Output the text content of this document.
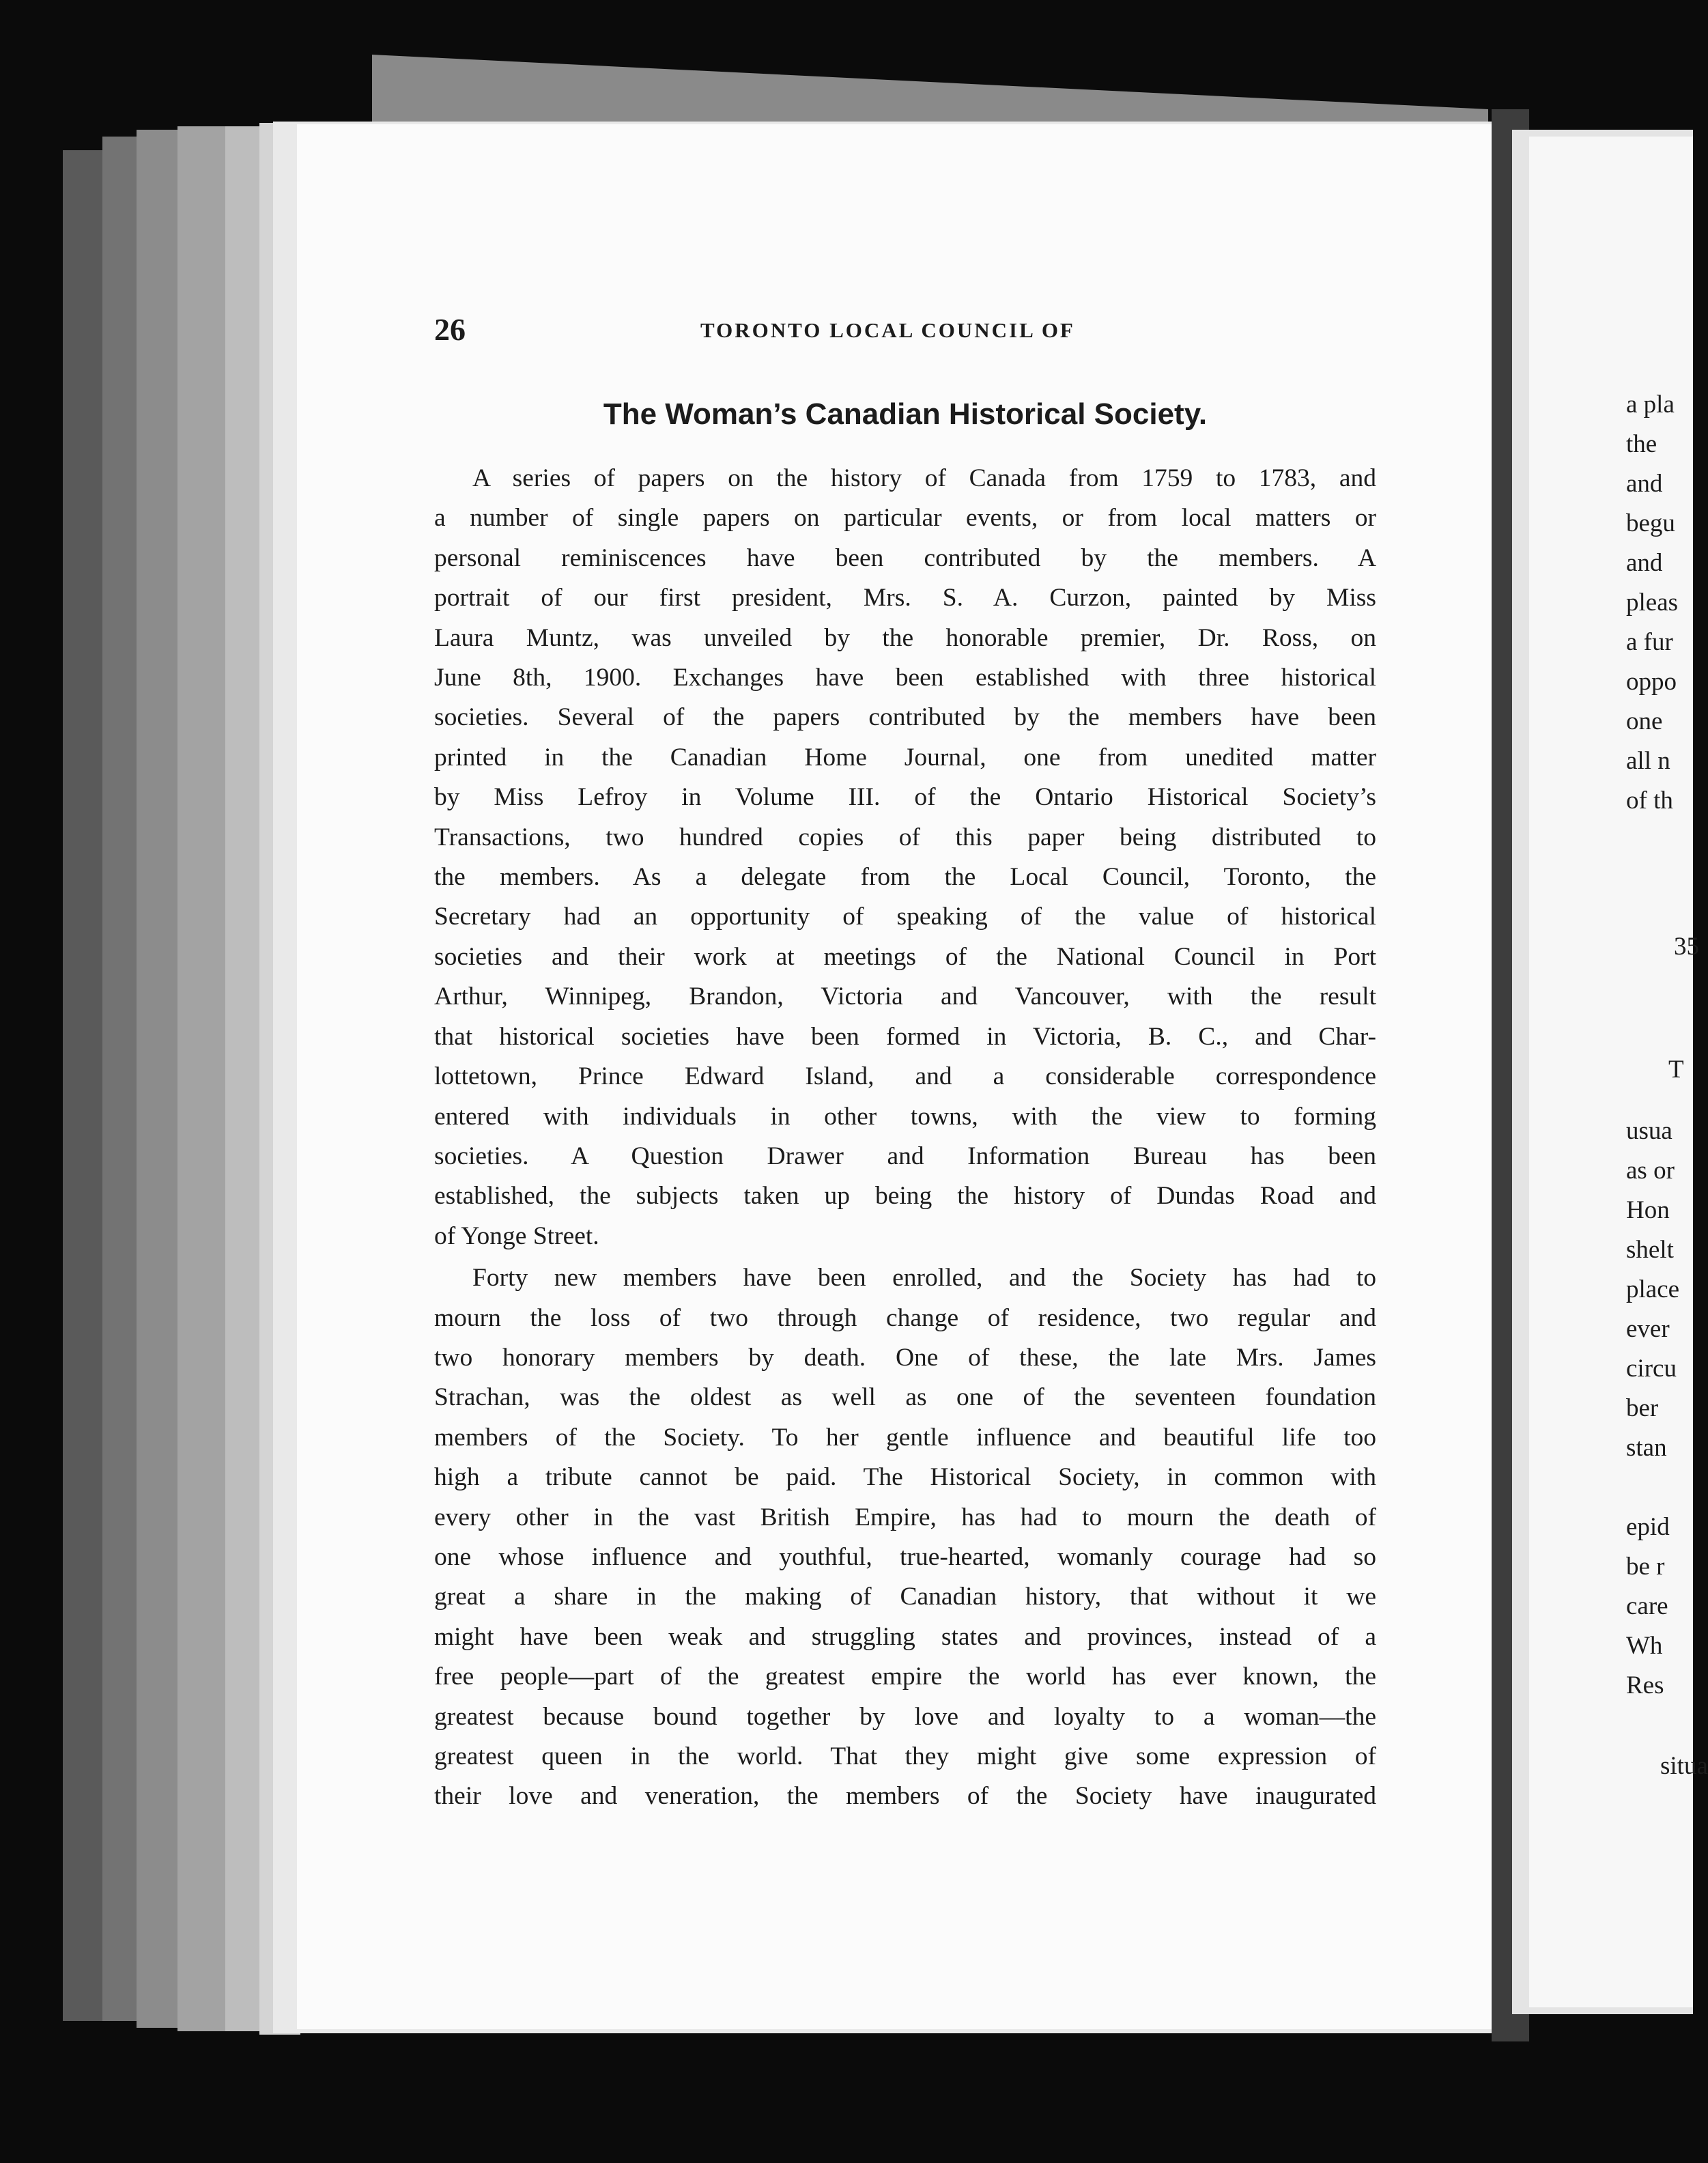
26	TORONTO LOCAL COUNCIL OF
The Woman’s Canadian Historical Society.

A series of papers on the history of Canada from 1759 to 1783, and

a number of single papers on particular events, or from local matters or

personal reminiscences have been contributed by the members. A

portrait of our first president, Mrs. S. A. Curzon, painted by Miss

Laura Muntz, was unveiled by the honorable premier, Dr. Ross, on

June 8th, 1900. Exchanges have been established with three historical

societies. Several of the papers contributed by the members have been

printed in the Canadian Home Journal, one from unedited matter

by Miss Lefroy in Volume III. of the Ontario Historical Society’s

Transactions, two hundred copies of this paper being distributed to

the members. As a delegate from the Local Council, Toronto, the

Secretary had an opportunity of speaking of the value of historical

societies and their work at meetings of the National Council in Port

Arthur, Winnipeg, Brandon, Victoria and Vancouver, with the result

that historical societies have been formed in Victoria, B. C., and Char-

lottetown, Prince Edward Island, and a considerable correspondence

entered with individuals in other towns, with the view to forming

societies. A Question Drawer and Information Bureau has been

established, the subjects taken up being the history of Dundas Road and

of Yonge Street.

Forty new members have been enrolled, and the Society has had to

mourn the loss of two through change of residence, two regular and

two honorary members by death. One of these, the late Mrs. James

Strachan, was the oldest as well as one of the seventeen foundation

members of the Society. To her gentle influence and beautiful life too

high a tribute cannot be paid. The Historical Society, in common with

every other in the vast British Empire, has had to mourn the death of

one whose influence and youthful, true-hearted, womanly courage had so

great a share in the making of Canadian history, that without it we

might have been weak and struggling states and provinces, instead of a

free people—part of the greatest empire the world has ever known, the

greatest because bound together by love and loyalty to a woman—the

greatest queen in the world. That they might give some expression of

their love and veneration, the members of the Society have inaugurated

a pla
the
and
begu
and
pleas
a fur
oppo
one
all n
of th
35
T
usua
as or
Hon
shelt
place
ever
circu
ber
stan
epid
be r
care
Wh
Res
situa
